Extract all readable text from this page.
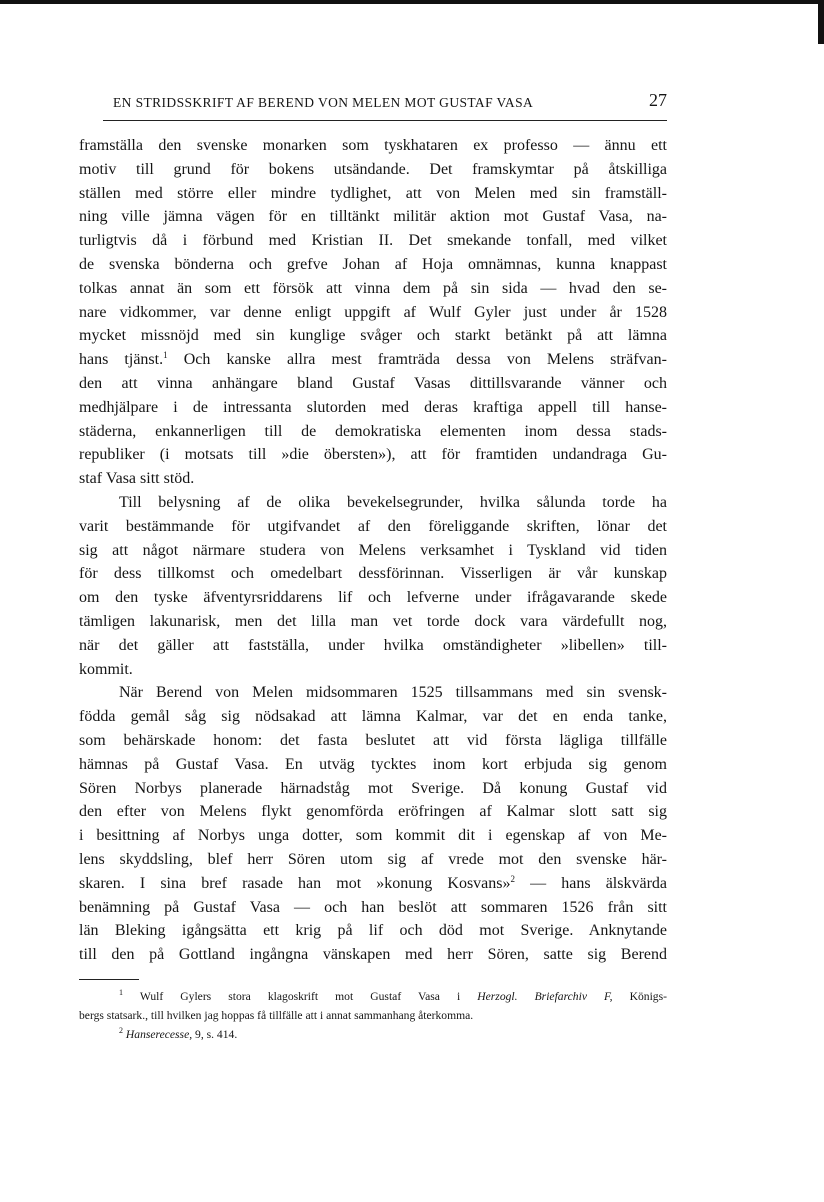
EN STRIDSSKRIFT AF BEREND VON MELEN MOT GUSTAF VASA	27
framställa den svenske monarken som tyskhataren ex professo — ännu ett
motiv till grund för bokens utsändande. Det framskymtar på åtskilliga
ställen med större eller mindre tydlighet, att von Melen med sin framställ-
ning ville jämna vägen för en tilltänkt militär aktion mot Gustaf Vasa, na-
turligtvis då i förbund med Kristian II. Det smekande tonfall, med vilket
de svenska bönderna och grefve Johan af Hoja omnämnas, kunna knappast
tolkas annat än som ett försök att vinna dem på sin sida — hvad den se-
nare vidkommer, var denne enligt uppgift af Wulf Gyler just under år 1528
mycket missnöjd med sin kunglige svåger och starkt betänkt på att lämna
hans tjänst.$^1$ Och kanske allra mest framträda dessa von Melens sträfvan-
den att vinna anhängare bland Gustaf Vasas dittillsvarande vänner och
medhjälpare i de intressanta slutorden med deras kraftiga appell till hanse-
städerna, enkannerligen till de demokratiska elementen inom dessa stads-
republiker (i motsats till »die öbersten»), att för framtiden undandraga Gu-
staf Vasa sitt stöd.
Till belysning af de olika bevekelsegrunder, hvilka sålunda torde ha
varit bestämmande för utgifvandet af den föreliggande skriften, lönar det
sig att något närmare studera von Melens verksamhet i Tyskland vid tiden
för dess tillkomst och omedelbart dessförinnan. Visserligen är vår kunskap
om den tyske äfventyrsriddarens lif och lefverne under ifrågavarande skede
tämligen lakunarisk, men det lilla man vet torde dock vara värdefullt nog,
när det gäller att fastställa, under hvilka omständigheter »libellen» till-
kommit.
När Berend von Melen midsommaren 1525 tillsammans med sin svensk-
födda gemål såg sig nödsakad att lämna Kalmar, var det en enda tanke,
som behärskade honom: det fasta beslutet att vid första lägliga tillfälle
hämnas på Gustaf Vasa. En utväg tycktes inom kort erbjuda sig genom
Sören Norbys planerade härnadståg mot Sverige. Då konung Gustaf vid
den efter von Melens flykt genomförda eröfringen af Kalmar slott satt sig
i besittning af Norbys unga dotter, som kommit dit i egenskap af von Me-
lens skyddsling, blef herr Sören utom sig af vrede mot den svenske här-
skaren. I sina bref rasade han mot »konung Kosvans»$^2$ — hans älskvärda
benämning på Gustaf Vasa — och han beslöt att sommaren 1526 från sitt
län Bleking igångsätta ett krig på lif och död mot Sverige. Anknytande
till den på Gottland ingångna vänskapen med herr Sören, satte sig Berend
$^1$ Wulf Gylers stora klagoskrift mot Gustaf Vasa i Herzogl. Briefarchiv F, Königs-
bergs statsark., till hvilken jag hoppas få tillfälle att i annat sammanhang återkomma.
$^2$ Hanserecesse, 9, s. 414.
